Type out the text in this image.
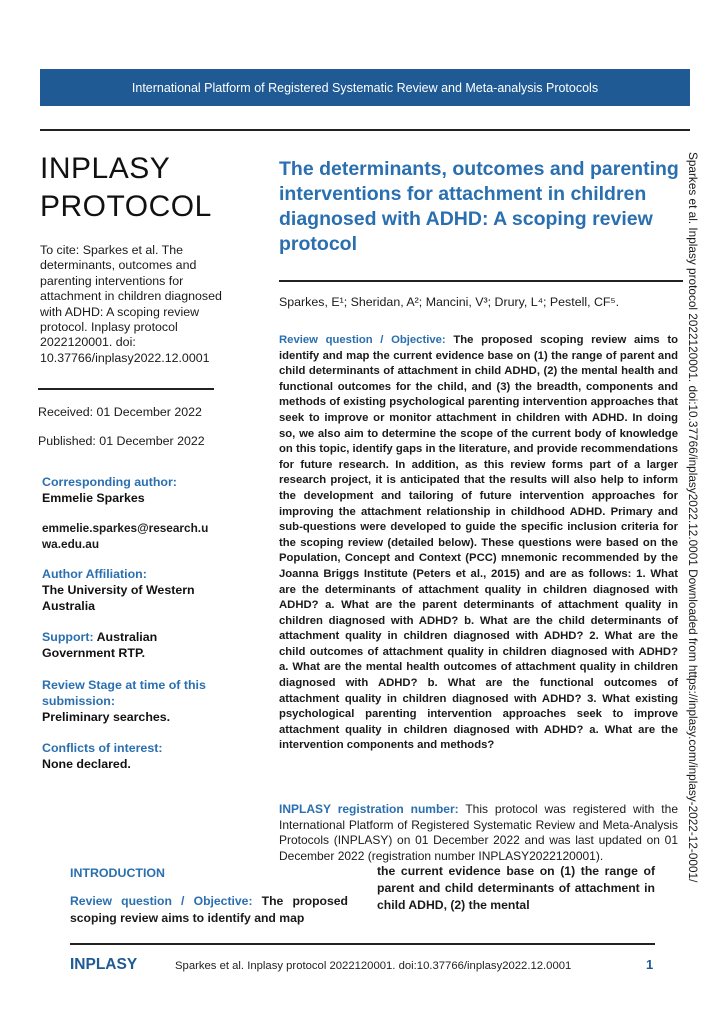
International Platform of Registered Systematic Review and Meta-analysis Protocols
INPLASY
PROTOCOL
To cite: Sparkes et al. The determinants, outcomes and parenting interventions for attachment in children diagnosed with ADHD: A scoping review protocol. Inplasy protocol 2022120001. doi: 10.37766/inplasy2022.12.0001
Received: 01 December 2022
Published: 01 December 2022
Corresponding author:
Emmelie Sparkes
emmelie.sparkes@research.uwa.edu.au
Author Affiliation:
The University of Western Australia
Support: Australian Government RTP.
Review Stage at time of this submission:
Preliminary searches.
Conflicts of interest:
None declared.
The determinants, outcomes and parenting interventions for attachment in children diagnosed with ADHD: A scoping review protocol
Sparkes, E¹; Sheridan, A²; Mancini, V³; Drury, L⁴; Pestell, CF⁵.
Review question / Objective: The proposed scoping review aims to identify and map the current evidence base on (1) the range of parent and child determinants of attachment in child ADHD, (2) the mental health and functional outcomes for the child, and (3) the breadth, components and methods of existing psychological parenting intervention approaches that seek to improve or monitor attachment in children with ADHD. In doing so, we also aim to determine the scope of the current body of knowledge on this topic, identify gaps in the literature, and provide recommendations for future research. In addition, as this review forms part of a larger research project, it is anticipated that the results will also help to inform the development and tailoring of future intervention approaches for improving the attachment relationship in childhood ADHD. Primary and sub-questions were developed to guide the specific inclusion criteria for the scoping review (detailed below). These questions were based on the Population, Concept and Context (PCC) mnemonic recommended by the Joanna Briggs Institute (Peters et al., 2015) and are as follows: 1. What are the determinants of attachment quality in children diagnosed with ADHD? a. What are the parent determinants of attachment quality in children diagnosed with ADHD? b. What are the child determinants of attachment quality in children diagnosed with ADHD? 2. What are the child outcomes of attachment quality in children diagnosed with ADHD? a. What are the mental health outcomes of attachment quality in children diagnosed with ADHD? b. What are the functional outcomes of attachment quality in children diagnosed with ADHD? 3. What existing psychological parenting intervention approaches seek to improve attachment quality in children diagnosed with ADHD? a. What are the intervention components and methods?
INPLASY registration number: This protocol was registered with the International Platform of Registered Systematic Review and Meta-Analysis Protocols (INPLASY) on 01 December 2022 and was last updated on 01 December 2022 (registration number INPLASY2022120001).
INTRODUCTION
Review question / Objective: The proposed scoping review aims to identify and map
the current evidence base on (1) the range of parent and child determinants of attachment in child ADHD, (2) the mental
INPLASY	Sparkes et al. Inplasy protocol 2022120001. doi:10.37766/inplasy2022.12.0001	1
Sparkes et al. Inplasy protocol 2022120001. doi:10.37766/inplasy2022.12.0001 Downloaded from https://inplasy.com/inplasy-2022-12-0001/
